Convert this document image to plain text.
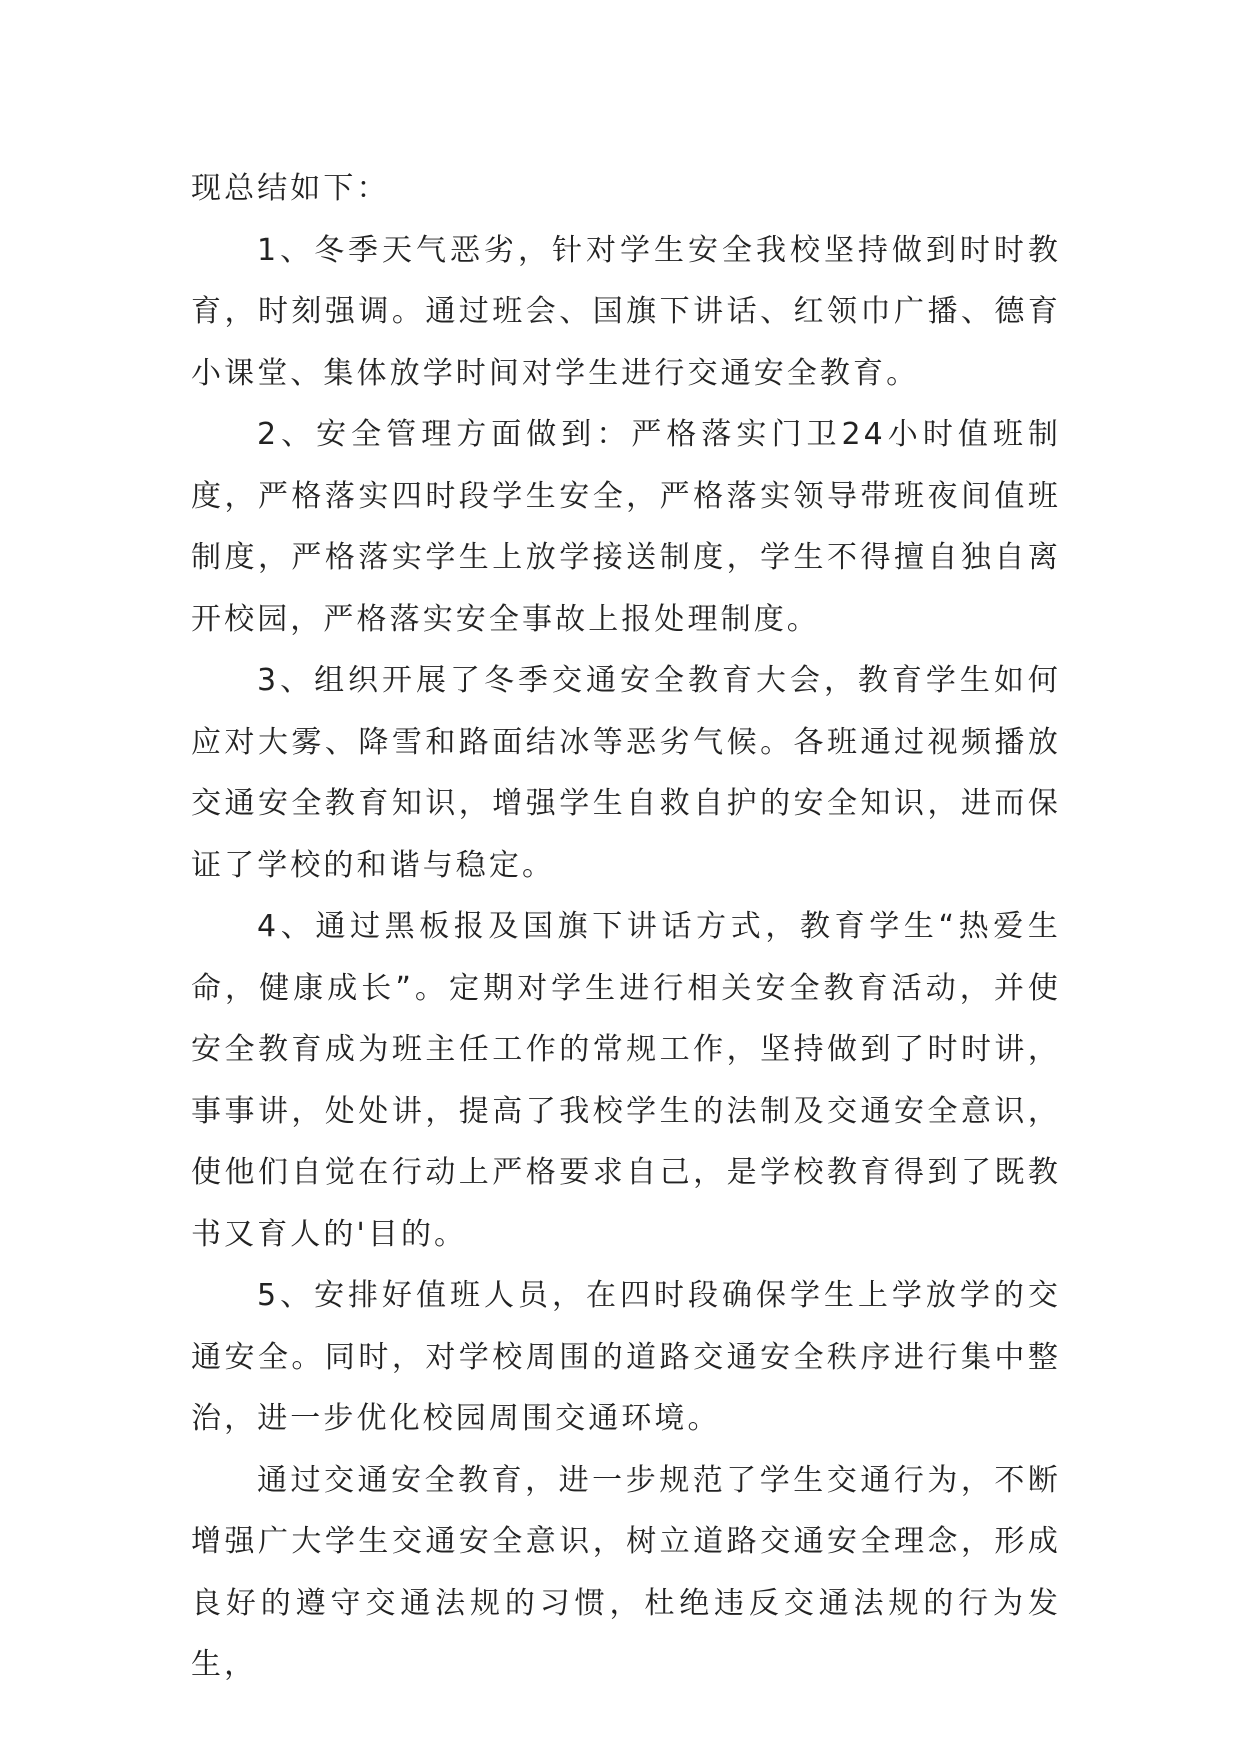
现总结如下：

1、冬季天气恶劣，针对学生安全我校坚持做到时时教育，时刻强调。通过班会、国旗下讲话、红领巾广播、德育小课堂、集体放学时间对学生进行交通安全教育。

2、安全管理方面做到：严格落实门卫24小时值班制度，严格落实四时段学生安全，严格落实领导带班夜间值班制度，严格落实学生上放学接送制度，学生不得擅自独自离开校园，严格落实安全事故上报处理制度。

3、组织开展了冬季交通安全教育大会，教育学生如何应对大雾、降雪和路面结冰等恶劣气候。各班通过视频播放交通安全教育知识，增强学生自救自护的安全知识，进而保证了学校的和谐与稳定。

4、通过黑板报及国旗下讲话方式，教育学生“热爱生命，健康成长”。定期对学生进行相关安全教育活动，并使安全教育成为班主任工作的常规工作，坚持做到了时时讲，事事讲，处处讲，提高了我校学生的法制及交通安全意识，使他们自觉在行动上严格要求自己，是学校教育得到了既教书又育人的'目的。

5、安排好值班人员，在四时段确保学生上学放学的交通安全。同时，对学校周围的道路交通安全秩序进行集中整治，进一步优化校园周围交通环境。

通过交通安全教育，进一步规范了学生交通行为，不断增强广大学生交通安全意识，树立道路交通安全理念，形成良好的遵守交通法规的习惯，杜绝违反交通法规的行为发生，
